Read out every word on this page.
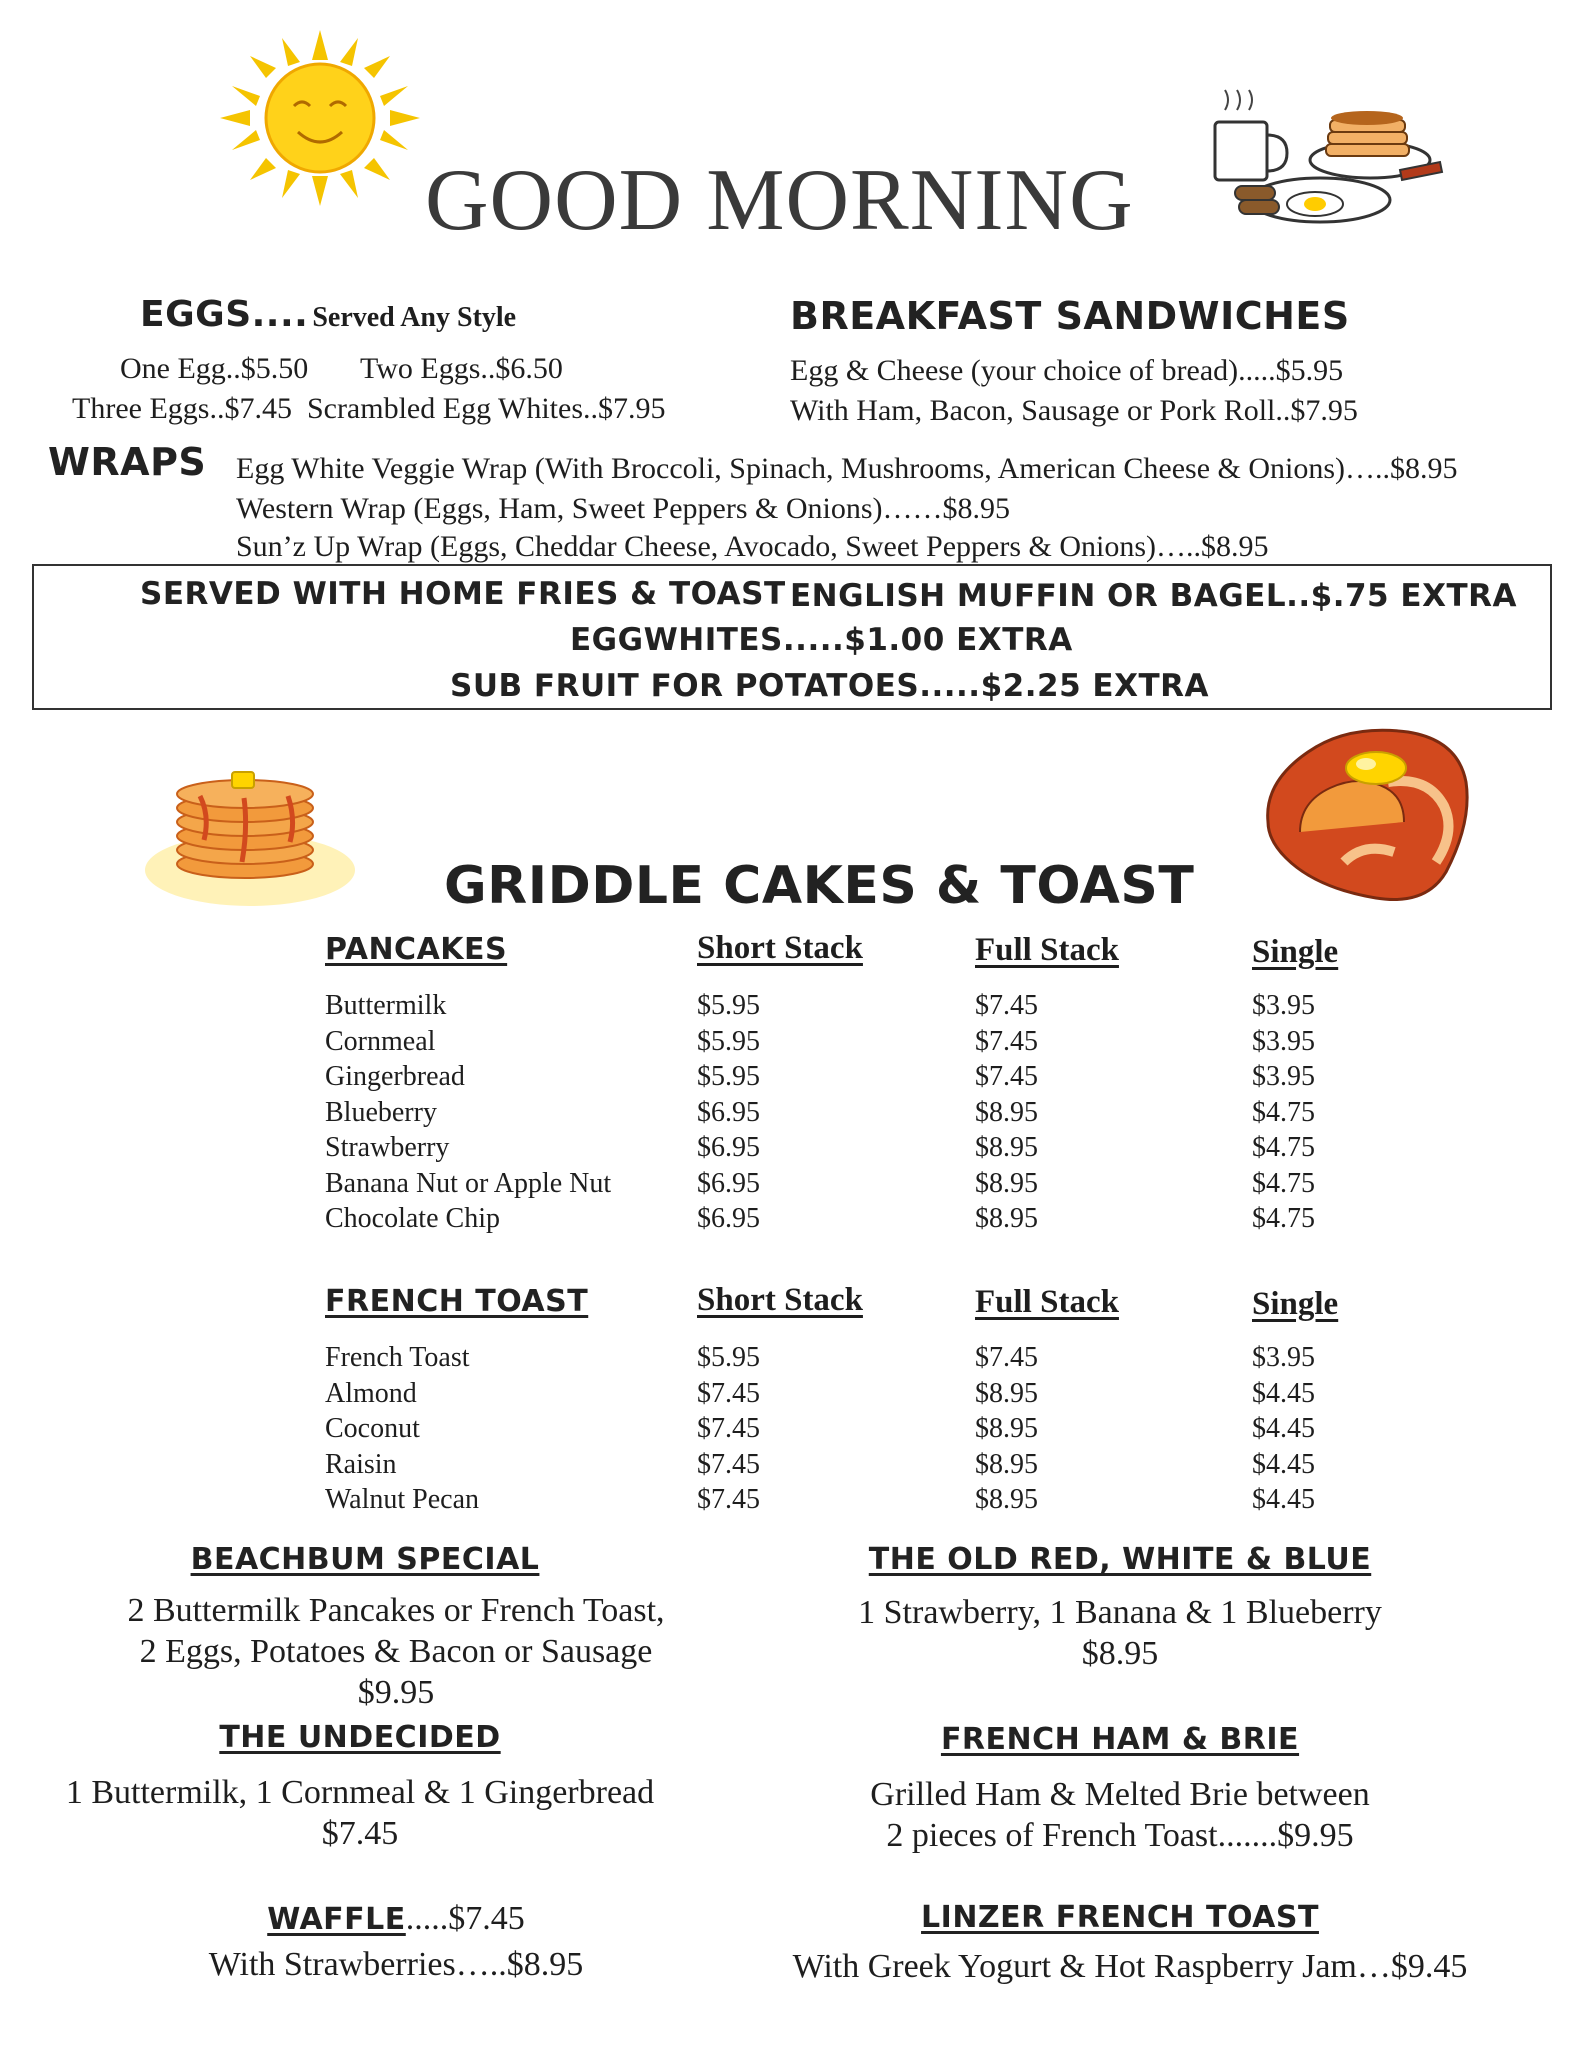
GOOD MORNING
EGGS.... Served Any Style
One Egg..$5.50 Two Eggs..$6.50
Three Eggs..$7.45  Scrambled Egg Whites..$7.95
BREAKFAST SANDWICHES
Egg & Cheese (your choice of bread).....$5.95
With Ham, Bacon, Sausage or Pork Roll..$7.95
WRAPS Egg White Veggie Wrap (With Broccoli, Spinach, Mushrooms, American Cheese & Onions)…..$8.95
Western Wrap (Eggs, Ham, Sweet Peppers & Onions)……$8.95
Sun’z Up Wrap (Eggs, Cheddar Cheese, Avocado, Sweet Peppers & Onions)…..$8.95
SERVED WITH HOME FRIES & TOAST ENGLISH MUFFIN OR BAGEL..$.75 EXTRA
EGGWHITES.....$1.00 EXTRA
SUB FRUIT FOR POTATOES.....$2.25 EXTRA
GRIDDLE CAKES & TOAST
PANCAKES	Short Stack	Full Stack	Single
Buttermilk	$5.95	$7.45	$3.95
Cornmeal	$5.95	$7.45	$3.95
Gingerbread	$5.95	$7.45	$3.95
Blueberry	$6.95	$8.95	$4.75
Strawberry	$6.95	$8.95	$4.75
Banana Nut or Apple Nut	$6.95	$8.95	$4.75
Chocolate Chip	$6.95	$8.95	$4.75
FRENCH TOAST	Short Stack	Full Stack	Single
French Toast	$5.95	$7.45	$3.95
Almond	$7.45	$8.95	$4.45
Coconut	$7.45	$8.95	$4.45
Raisin	$7.45	$8.95	$4.45
Walnut Pecan	$7.45	$8.95	$4.45
BEACHBUM SPECIAL
2 Buttermilk Pancakes or French Toast,
2 Eggs, Potatoes & Bacon or Sausage
$9.95
THE OLD RED, WHITE & BLUE
1 Strawberry, 1 Banana & 1 Blueberry
$8.95
THE UNDECIDED
1 Buttermilk, 1 Cornmeal & 1 Gingerbread
$7.45
FRENCH HAM & BRIE
Grilled Ham & Melted Brie between
2 pieces of French Toast.......$9.95
WAFFLE.....$7.45
With Strawberries…..$8.95
LINZER FRENCH TOAST
With Greek Yogurt & Hot Raspberry Jam…$9.45
